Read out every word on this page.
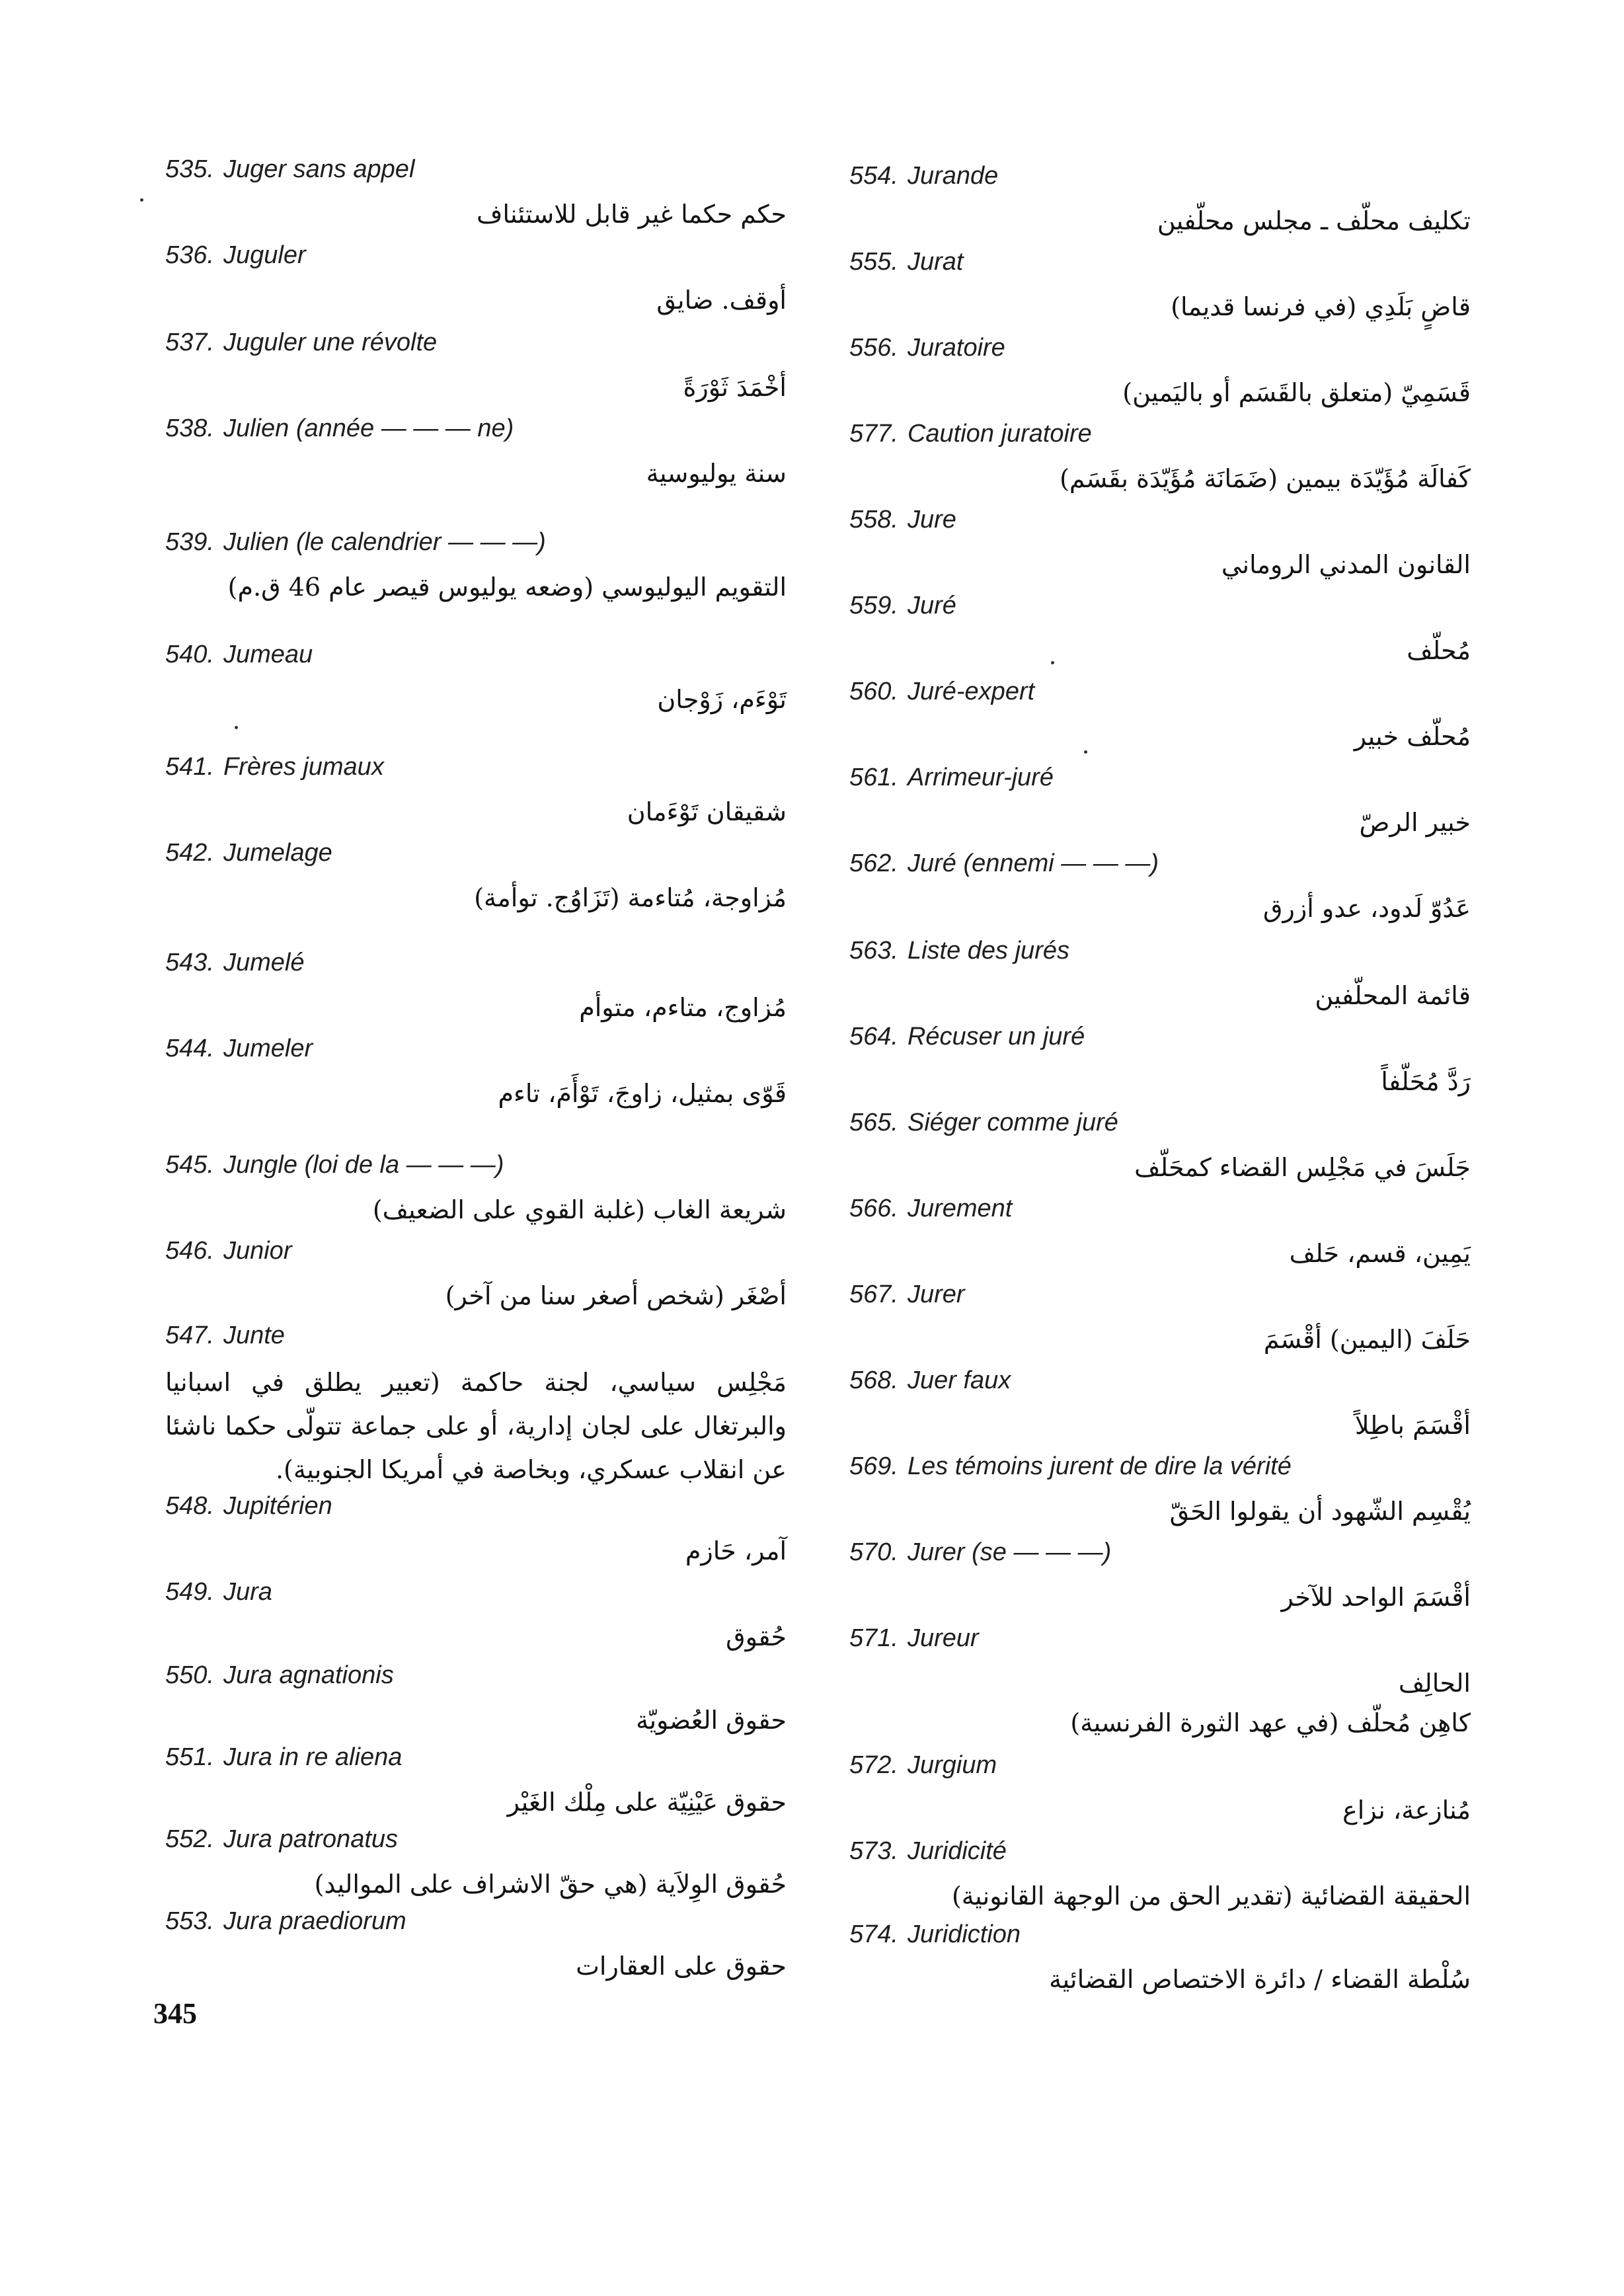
535. Juger sans appel
حكم حكما غير قابل للاستئناف
536. Juguler
أوقف. ضايق
537. Juguler une révolte
أخْمَدَ ثَوْرَةً
538. Julien (année — — — ne)
سنة يوليوسية
539. Julien (le calendrier — — —)
التقويم اليوليوسي (وضعه يوليوس قيصر عام 46 ق.م)
540. Jumeau
تَوْءَم، زَوْجان
541. Frères jumaux
شقيقان تَوْءَمان
542. Jumelage
مُزاوجة، مُتاءمة (تَزَاوُج. توأمة)
543. Jumelé
مُزاوج، متاءم، متوأم
544. Jumeler
قَوّى بمثيل، زاوجَ، تَوْأَمَ، تاءم
545. Jungle (loi de la — — —)
شريعة الغاب (غلبة القوي على الضعيف)
546. Junior
أصْغَر (شخص أصغر سنا من آخر)
547. Junte
مَجْلِس سياسي، لجنة حاكمة (تعبير يطلق في اسبانيا والبرتغال على لجان إدارية، أو على جماعة تتولّى حكما ناشئا عن انقلاب عسكري، وبخاصة في أمريكا الجنوبية).
548. Jupitérien
آمر، حَازم
549. Jura
حُقوق
550. Jura agnationis
حقوق العُضويّة
551. Jura in re aliena
حقوق عَيْنِيّة على مِلْك الغَيْر
552. Jura patronatus
حُقوق الوِلاَية (هي حقّ الاشراف على المواليد)
553. Jura praediorum
حقوق على العقارات
554. Jurande
تكليف محلّف ـ مجلس محلّفين
555. Jurat
قاضٍ بَلَدِي (في فرنسا قديما)
556. Juratoire
قَسَمِيّ (متعلق بالقَسَم أو باليَمين)
577. Caution juratoire
كَفالَة مُؤَيّدَة بيمين (ضَمَانَة مُؤَيّدَة بقَسَم)
558. Jure
القانون المدني الروماني
559. Juré
مُحلّف
560. Juré-expert
مُحلّف خبير
561. Arrimeur-juré
خبير الرصّ
562. Juré (ennemi — — —)
عَدُوّ لَدود، عدو أزرق
563. Liste des jurés
قائمة المحلّفين
564. Récuser un juré
رَدَّ مُحَلّفاً
565. Siéger comme juré
جَلَسَ في مَجْلِس القضاء كمحَلّف
566. Jurement
يَمِين، قسم، حَلف
567. Jurer
حَلَفَ (اليمين) أقْسَمَ
568. Juer faux
أقْسَمَ باطِلاً
569. Les témoins jurent de dire la vérité
يُقْسِم الشّهود أن يقولوا الحَقّ
570. Jurer (se — — —)
أقْسَمَ الواحد للآخر
571. Jureur
الحالِف
كاهِن مُحلّف (في عهد الثورة الفرنسية)
572. Jurgium
مُنازعة، نزاع
573. Juridicité
الحقيقة القضائية (تقدير الحق من الوجهة القانونية)
574. Juridiction
سُلْطة القضاء / دائرة الاختصاص القضائية
345
